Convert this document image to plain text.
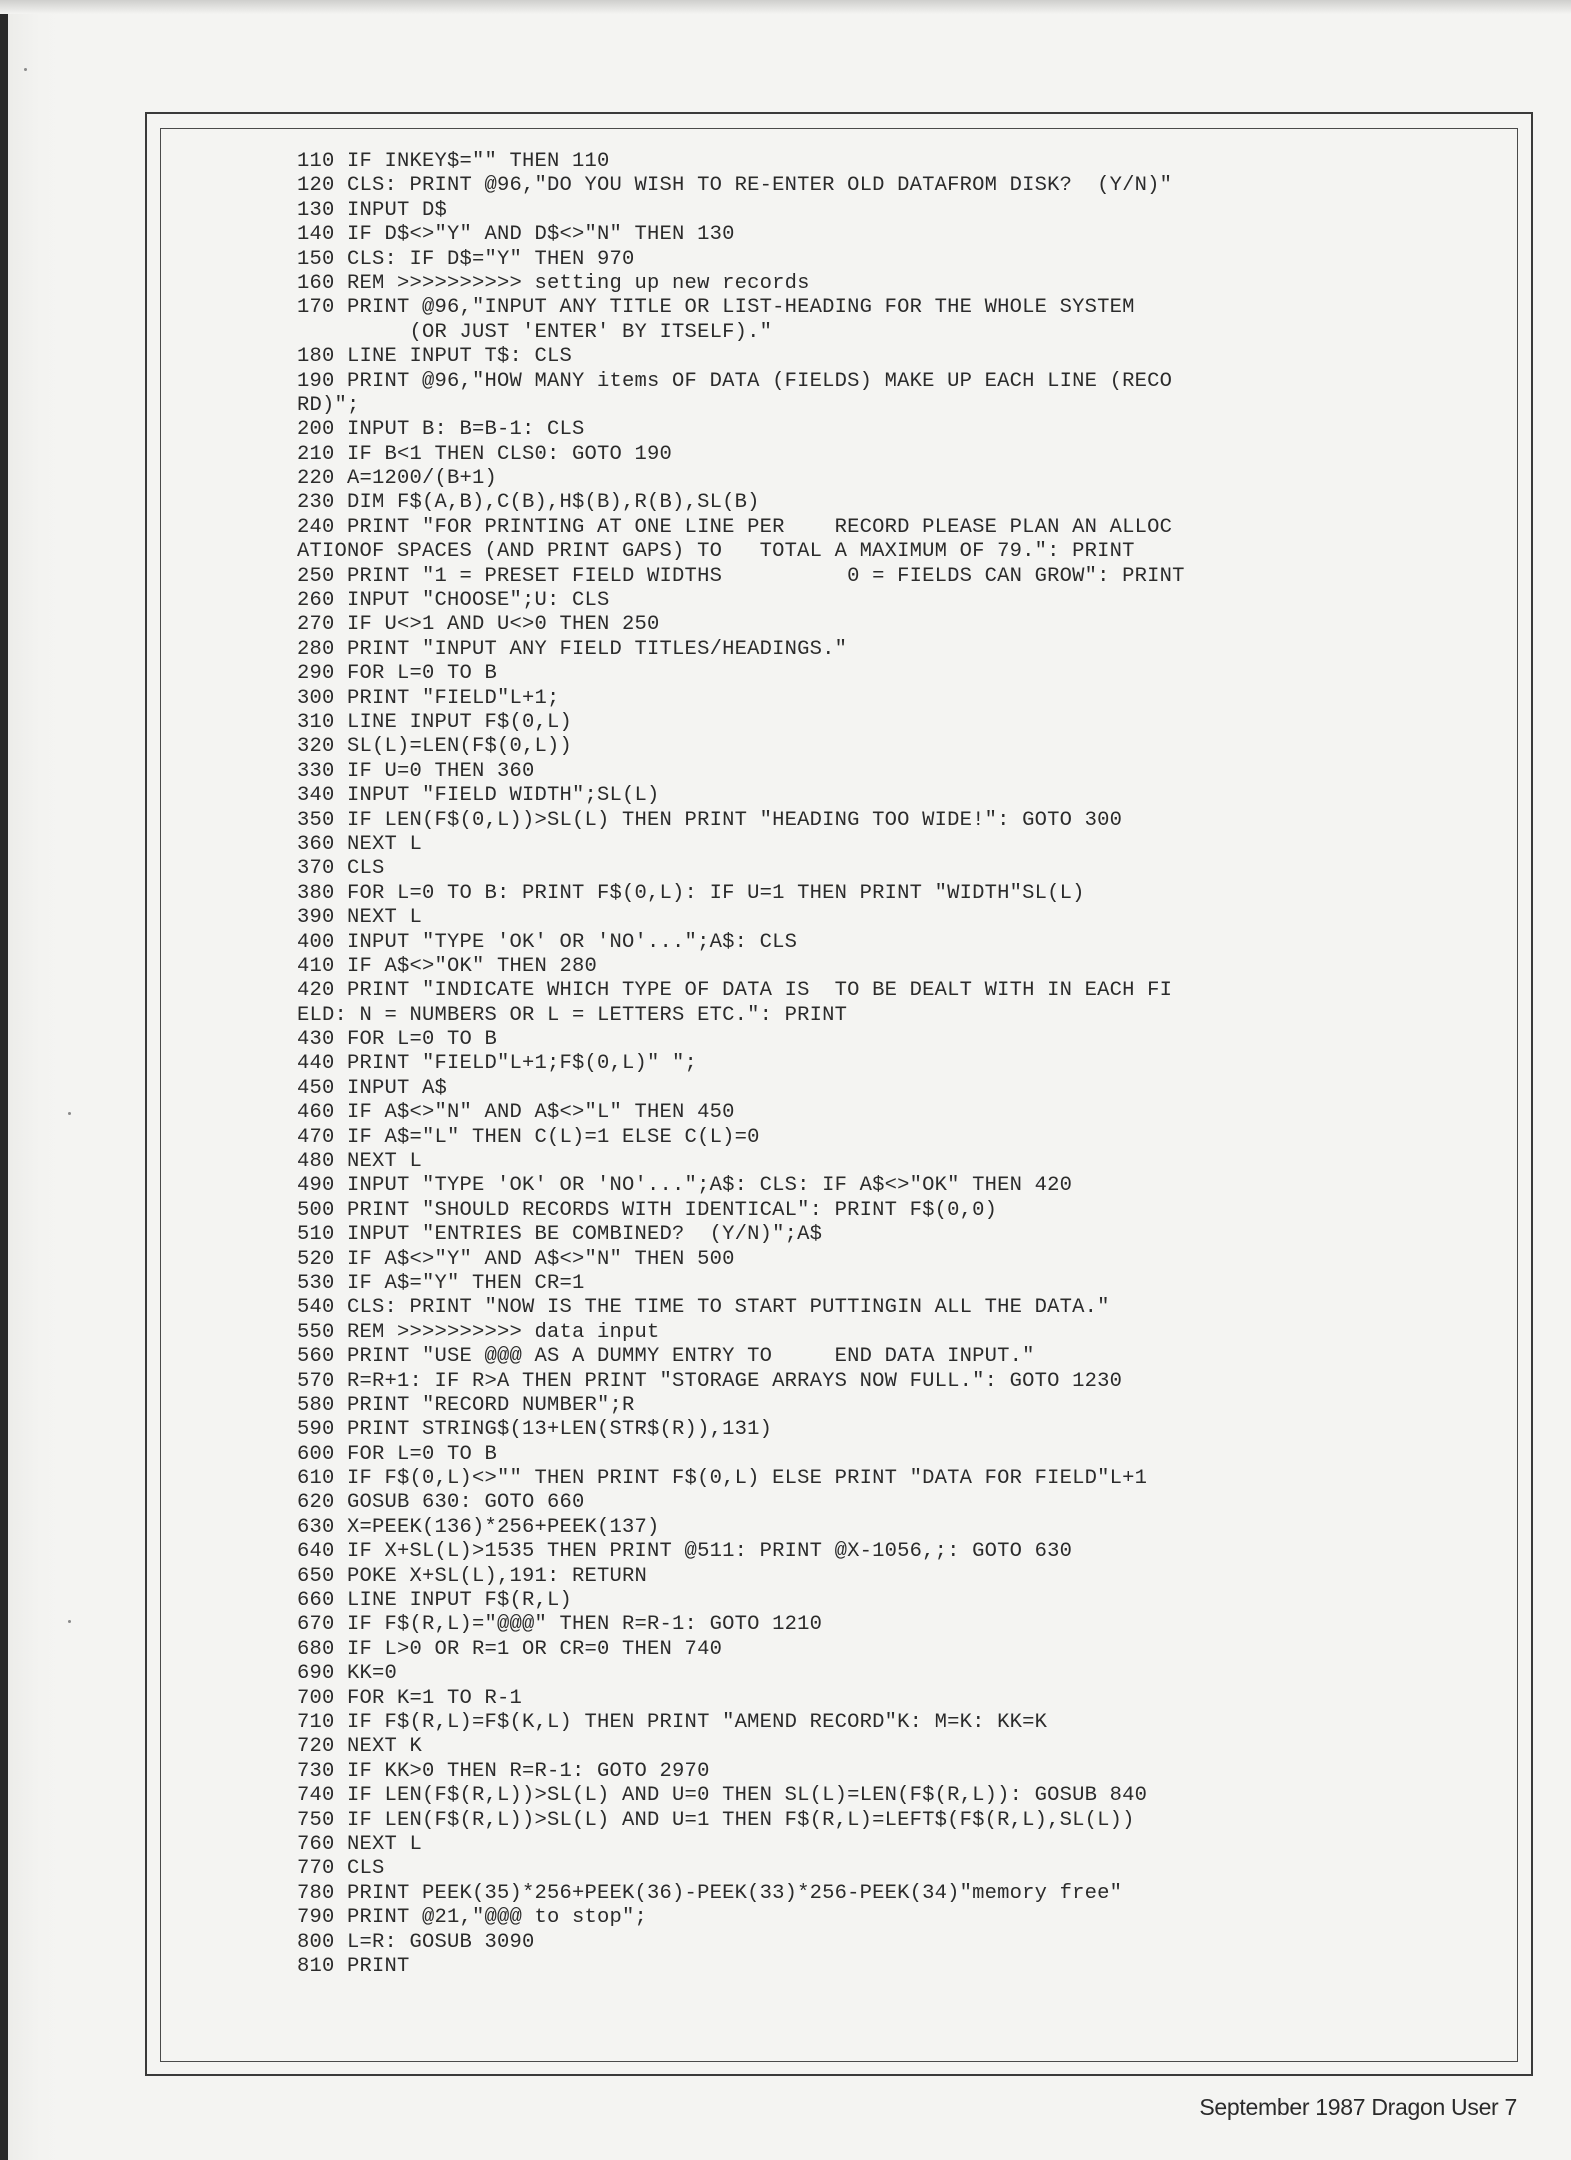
110 IF INKEY$="" THEN 110
120 CLS: PRINT @96,"DO YOU WISH TO RE-ENTER OLD DATAFROM DISK?  (Y/N)"
130 INPUT D$
140 IF D$<>"Y" AND D$<>"N" THEN 130
150 CLS: IF D$="Y" THEN 970
160 REM >>>>>>>>>> setting up new records
170 PRINT @96,"INPUT ANY TITLE OR LIST-HEADING FOR THE WHOLE SYSTEM
(OR JUST 'ENTER' BY ITSELF)."
180 LINE INPUT T$: CLS
190 PRINT @96,"HOW MANY items OF DATA (FIELDS) MAKE UP EACH LINE (RECO
RD)";
200 INPUT B: B=B-1: CLS
210 IF B<1 THEN CLS0: GOTO 190
220 A=1200/(B+1)
230 DIM F$(A,B),C(B),H$(B),R(B),SL(B)
240 PRINT "FOR PRINTING AT ONE LINE PER    RECORD PLEASE PLAN AN ALLOC
ATIONOF SPACES (AND PRINT GAPS) TO   TOTAL A MAXIMUM OF 79.": PRINT
250 PRINT "1 = PRESET FIELD WIDTHS          0 = FIELDS CAN GROW": PRINT
260 INPUT "CHOOSE";U: CLS
270 IF U<>1 AND U<>0 THEN 250
280 PRINT "INPUT ANY FIELD TITLES/HEADINGS."
290 FOR L=0 TO B
300 PRINT "FIELD"L+1;
310 LINE INPUT F$(0,L)
320 SL(L)=LEN(F$(0,L))
330 IF U=0 THEN 360
340 INPUT "FIELD WIDTH";SL(L)
350 IF LEN(F$(0,L))>SL(L) THEN PRINT "HEADING TOO WIDE!": GOTO 300
360 NEXT L
370 CLS
380 FOR L=0 TO B: PRINT F$(0,L): IF U=1 THEN PRINT "WIDTH"SL(L)
390 NEXT L
400 INPUT "TYPE 'OK' OR 'NO'...";A$: CLS
410 IF A$<>"OK" THEN 280
420 PRINT "INDICATE WHICH TYPE OF DATA IS  TO BE DEALT WITH IN EACH FI
ELD: N = NUMBERS OR L = LETTERS ETC.": PRINT
430 FOR L=0 TO B
440 PRINT "FIELD"L+1;F$(0,L)" ";
450 INPUT A$
460 IF A$<>"N" AND A$<>"L" THEN 450
470 IF A$="L" THEN C(L)=1 ELSE C(L)=0
480 NEXT L
490 INPUT "TYPE 'OK' OR 'NO'...";A$: CLS: IF A$<>"OK" THEN 420
500 PRINT "SHOULD RECORDS WITH IDENTICAL": PRINT F$(0,0)
510 INPUT "ENTRIES BE COMBINED?  (Y/N)";A$
520 IF A$<>"Y" AND A$<>"N" THEN 500
530 IF A$="Y" THEN CR=1
540 CLS: PRINT "NOW IS THE TIME TO START PUTTINGIN ALL THE DATA."
550 REM >>>>>>>>>> data input
560 PRINT "USE @@@ AS A DUMMY ENTRY TO     END DATA INPUT."
570 R=R+1: IF R>A THEN PRINT "STORAGE ARRAYS NOW FULL.": GOTO 1230
580 PRINT "RECORD NUMBER";R
590 PRINT STRING$(13+LEN(STR$(R)),131)
600 FOR L=0 TO B
610 IF F$(0,L)<>"" THEN PRINT F$(0,L) ELSE PRINT "DATA FOR FIELD"L+1
620 GOSUB 630: GOTO 660
630 X=PEEK(136)*256+PEEK(137)
640 IF X+SL(L)>1535 THEN PRINT @511: PRINT @X-1056,;: GOTO 630
650 POKE X+SL(L),191: RETURN
660 LINE INPUT F$(R,L)
670 IF F$(R,L)="@@@" THEN R=R-1: GOTO 1210
680 IF L>0 OR R=1 OR CR=0 THEN 740
690 KK=0
700 FOR K=1 TO R-1
710 IF F$(R,L)=F$(K,L) THEN PRINT "AMEND RECORD"K: M=K: KK=K
720 NEXT K
730 IF KK>0 THEN R=R-1: GOTO 2970
740 IF LEN(F$(R,L))>SL(L) AND U=0 THEN SL(L)=LEN(F$(R,L)): GOSUB 840
750 IF LEN(F$(R,L))>SL(L) AND U=1 THEN F$(R,L)=LEFT$(F$(R,L),SL(L))
760 NEXT L
770 CLS
780 PRINT PEEK(35)*256+PEEK(36)-PEEK(33)*256-PEEK(34)"memory free"
790 PRINT @21,"@@@ to stop";
800 L=R: GOSUB 3090
810 PRINT
September 1987 Dragon User 7
